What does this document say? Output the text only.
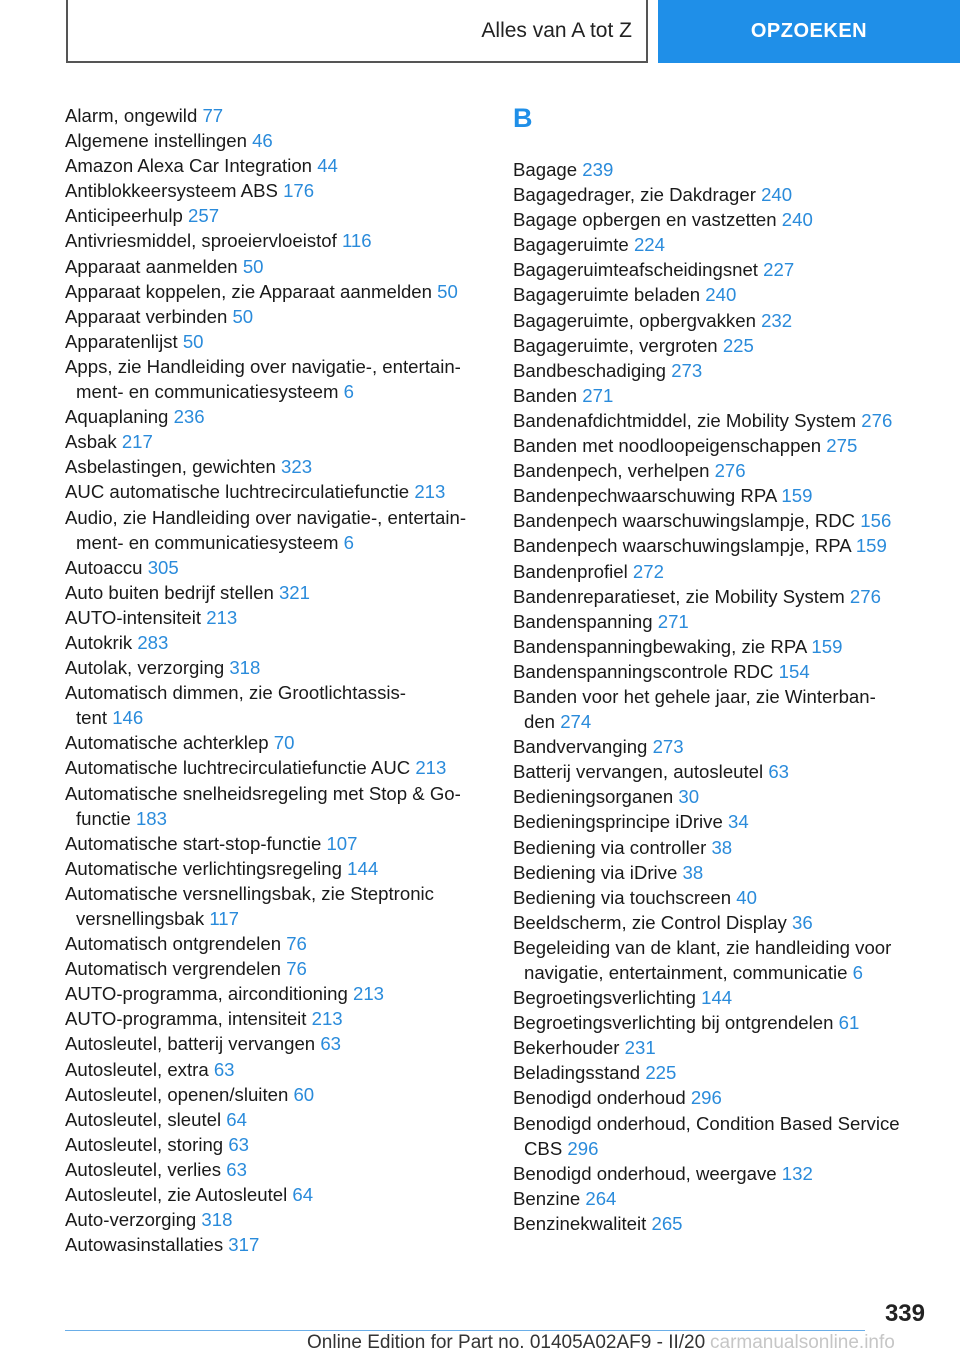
Alles van A tot Z	OPZOEKEN
Alarm, ongewild 77
Algemene instellingen 46
Amazon Alexa Car Integration 44
Antiblokkeersysteem ABS 176
Anticipeerhulp 257
Antivriesmiddel, sproeiervloeistof 116
Apparaat aanmelden 50
Apparaat koppelen, zie Apparaat aanmelden 50
Apparaat verbinden 50
Apparatenlijst 50
Apps, zie Handleiding over navigatie-, entertain-
ment- en communicatiesysteem 6
Aquaplaning 236
Asbak 217
Asbelastingen, gewichten 323
AUC automatische luchtrecirculatiefunctie 213
Audio, zie Handleiding over navigatie-, entertain-
ment- en communicatiesysteem 6
Autoaccu 305
Auto buiten bedrijf stellen 321
AUTO-intensiteit 213
Autokrik 283
Autolak, verzorging 318
Automatisch dimmen, zie Grootlichtassis-
tent 146
Automatische achterklep 70
Automatische luchtrecirculatiefunctie AUC 213
Automatische snelheidsregeling met Stop & Go-
functie 183
Automatische start-stop-functie 107
Automatische verlichtingsregeling 144
Automatische versnellingsbak, zie Steptronic
versnellingsbak 117
Automatisch ontgrendelen 76
Automatisch vergrendelen 76
AUTO-programma, airconditioning 213
AUTO-programma, intensiteit 213
Autosleutel, batterij vervangen 63
Autosleutel, extra 63
Autosleutel, openen/sluiten 60
Autosleutel, sleutel 64
Autosleutel, storing 63
Autosleutel, verlies 63
Autosleutel, zie Autosleutel 64
Auto-verzorging 318
Autowasinstallaties 317
B
Bagage 239
Bagagedrager, zie Dakdrager 240
Bagage opbergen en vastzetten 240
Bagageruimte 224
Bagageruimteafscheidingsnet 227
Bagageruimte beladen 240
Bagageruimte, opbergvakken 232
Bagageruimte, vergroten 225
Bandbeschadiging 273
Banden 271
Bandenafdichtmiddel, zie Mobility System 276
Banden met noodloopeigenschappen 275
Bandenpech, verhelpen 276
Bandenpechwaarschuwing RPA 159
Bandenpech waarschuwingslampje, RDC 156
Bandenpech waarschuwingslampje, RPA 159
Bandenprofiel 272
Bandenreparatieset, zie Mobility System 276
Bandenspanning 271
Bandenspanningbewaking, zie RPA 159
Bandenspanningscontrole RDC 154
Banden voor het gehele jaar, zie Winterban-
den 274
Bandvervanging 273
Batterij vervangen, autosleutel 63
Bedieningsorganen 30
Bedieningsprincipe iDrive 34
Bediening via controller 38
Bediening via iDrive 38
Bediening via touchscreen 40
Beeldscherm, zie Control Display 36
Begeleiding van de klant, zie handleiding voor
navigatie, entertainment, communicatie 6
Begroetingsverlichting 144
Begroetingsverlichting bij ontgrendelen 61
Bekerhouder 231
Beladingsstand 225
Benodigd onderhoud 296
Benodigd onderhoud, Condition Based Service
CBS 296
Benodigd onderhoud, weergave 132
Benzine 264
Benzinekwaliteit 265
339
Online Edition for Part no. 01405A02AF9 - II/20 carmanualsonline.info
